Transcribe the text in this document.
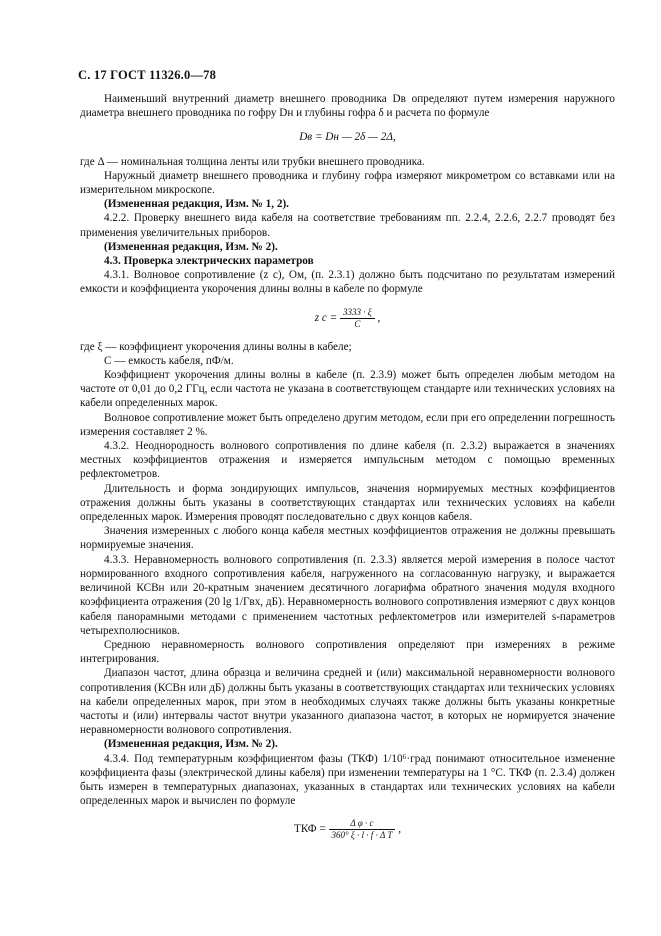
С. 17 ГОСТ 11326.0—78

Наименьший внутренний диаметр внешнего проводника Dв определяют путем измерения наружного диаметра внешнего проводника по гофру Dн и глубины гофра δ и расчета по формуле

Dв = Dн — 2δ — 2Δ,

где Δ — номинальная толщина ленты или трубки внешнего проводника.

Наружный диаметр внешнего проводника и глубину гофра измеряют микрометром со вставками или на измерительном микроскопе.

(Измененная редакция, Изм. № 1, 2).

4.2.2. Проверку внешнего вида кабеля на соответствие требованиям пп. 2.2.4, 2.2.6, 2.2.7 проводят без применения увеличительных приборов.

(Измененная редакция, Изм. № 2).

4.3. Проверка электрических параметров

4.3.1. Волновое сопротивление (z с), Ом, (п. 2.3.1) должно быть подсчитано по результатам измерений емкости и коэффициента укорочения длины волны в кабеле по формуле

z $с = \frac{3333 \cdot \xi}{C}$ ,

где ξ — коэффициент укорочения длины волны в кабеле;

C — емкость кабеля, пФ/м.

Коэффициент укорочения длины волны в кабеле (п. 2.3.9) может быть определен любым методом на частоте от 0,01 до 0,2 ГГц, если частота не указана в соответствующем стандарте или технических условиях на кабели определенных марок.

Волновое сопротивление может быть определено другим методом, если при его определении погрешность измерения составляет 2 %.

4.3.2. Неоднородность волнового сопротивления по длине кабеля (п. 2.3.2) выражается в значениях местных коэффициентов отражения и измеряется импульсным методом с помощью временных рефлектометров.

Длительность и форма зондирующих импульсов, значения нормируемых местных коэффициентов отражения должны быть указаны в соответствующих стандартах или технических условиях на кабели определенных марок. Измерения проводят последовательно с двух концов кабеля.

Значения измеренных с любого конца кабеля местных коэффициентов отражения не должны превышать нормируемые значения.

4.3.3. Неравномерность волнового сопротивления (п. 2.3.3) является мерой измерения в полосе частот нормированного входного сопротивления кабеля, нагруженного на согласованную нагрузку, и выражается величиной КСВн или 20-кратным значением десятичного логарифма обратного значения модуля входного коэффициента отражения (20 lg 1/Γвх, дБ). Неравномерность волнового сопротивления измеряют с двух концов кабеля панорамными методами с применением частотных рефлектометров или измерителей s-параметров четырехполюсников.

Среднюю неравномерность волнового сопротивления определяют при измерениях в режиме интегрирования.

Диапазон частот, длина образца и величина средней и (или) максимальной неравномерности волнового сопротивления (КСВн или дБ) должны быть указаны в соответствующих стандартах или технических условиях на кабели определенных марок, при этом в необходимых случаях также должны быть указаны конкретные частоты и (или) интервалы частот внутри указанного диапазона частот, в которых не нормируется значение неравномерности волнового сопротивления.

(Измененная редакция, Изм. № 2).

4.3.4. Под температурным коэффициентом фазы (ТКФ) 1/10⁶·град понимают относительное изменение коэффициента фазы (электрической длины кабеля) при изменении температуры на 1 °С. ТКФ (п. 2.3.4) должен быть измерен в температурных диапазонах, указанных в стандартах или технических условиях на кабели определенных марок и вычислен по формуле

ТКФ = $\frac{\text{Δ φ · c}}{\text{360° ξ · l · f · Δ T}}$ ,
